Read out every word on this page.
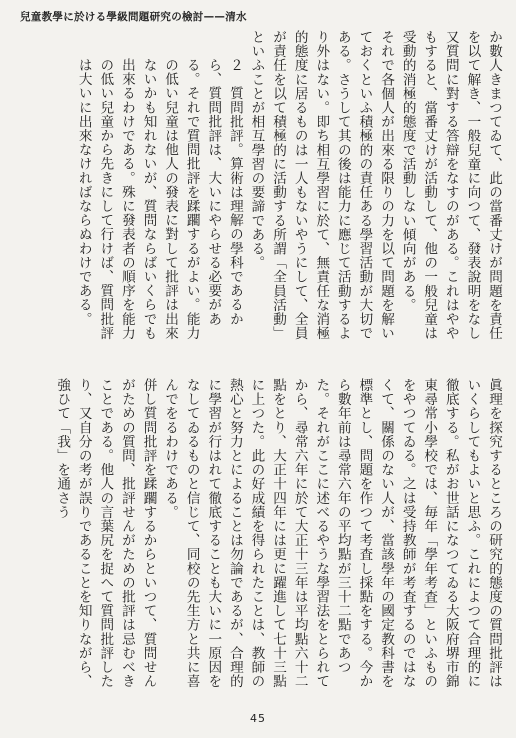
兒童教學に於ける學級問題研究の檢討——清水

か數人きまつてゐて、此の當番丈けが問題を責任を以て解き、一般兒童に向つて、發表說明をなし又質問に對する答辯をなすのがある。これはややもすると、當番丈けが活動して、他の一般兒童は受動的消極的態度で活動しない傾向がある。

それで各個人が出來る限りの力を以て問題を解いておくといふ積極的の責任ある學習活動が大切である。さうして其の後は能力に應じて活動するより外はない。即ち相互學習に於て、無責任な消極的態度に居るものは一人もないやうにして、全員が責任を以て積極的に活動する所謂「全員活動」といふことが相互學習の要諦である。

２　質問批評。算術は理解の學科であるから、質問批評は、大いにやらせる必要がある。それで質問批評を蹂躙するがよい。能力の低い兒童は他人の發表に對して批評は出來ないかも知れないが、質問ならばいくらでも出來るわけである。殊に發表者の順序を能力の低い兒童から先きにして行けば、質問批評は大いに出來なければならぬわけである。

眞理を探究するところの研究的態度の質問批評はいくらしてもよいと思ふ。これによつて合理的に徹底する。私がお世話になつてゐる大阪府堺市錦東尋常小學校では、毎年「學年考査」といふものをやつてゐる。之は受持教師が考査するのではなくて、關係のない人が、當該學年の國定教科書を標準とし、問題を作つて考査し採點をする。今から數年前は尋常六年の平均點が三十二點であつた。それがここに述べるやうな學習法をとられてから、尋常六年に於て大正十三年は平均點六十二點をとり、大正十四年には更に躍進して七十三點に上つた。此の好成績を得られたことは、教師の熱心と努力とによることは勿論であるが、合理的に學習が行はれて徹底することも大いに一原因をなしてゐるものと信じて、同校の先生方と共に喜んでをるわけである。

併し質問批評を蹂躙するからといつて、質問せんがための質問、批評せんがための批評は忌むべきことである。他人の言葉尻を捉へて質問批評したり、又自分の考が誤りであることを知りながら、強ひて「我」を通さう

45
